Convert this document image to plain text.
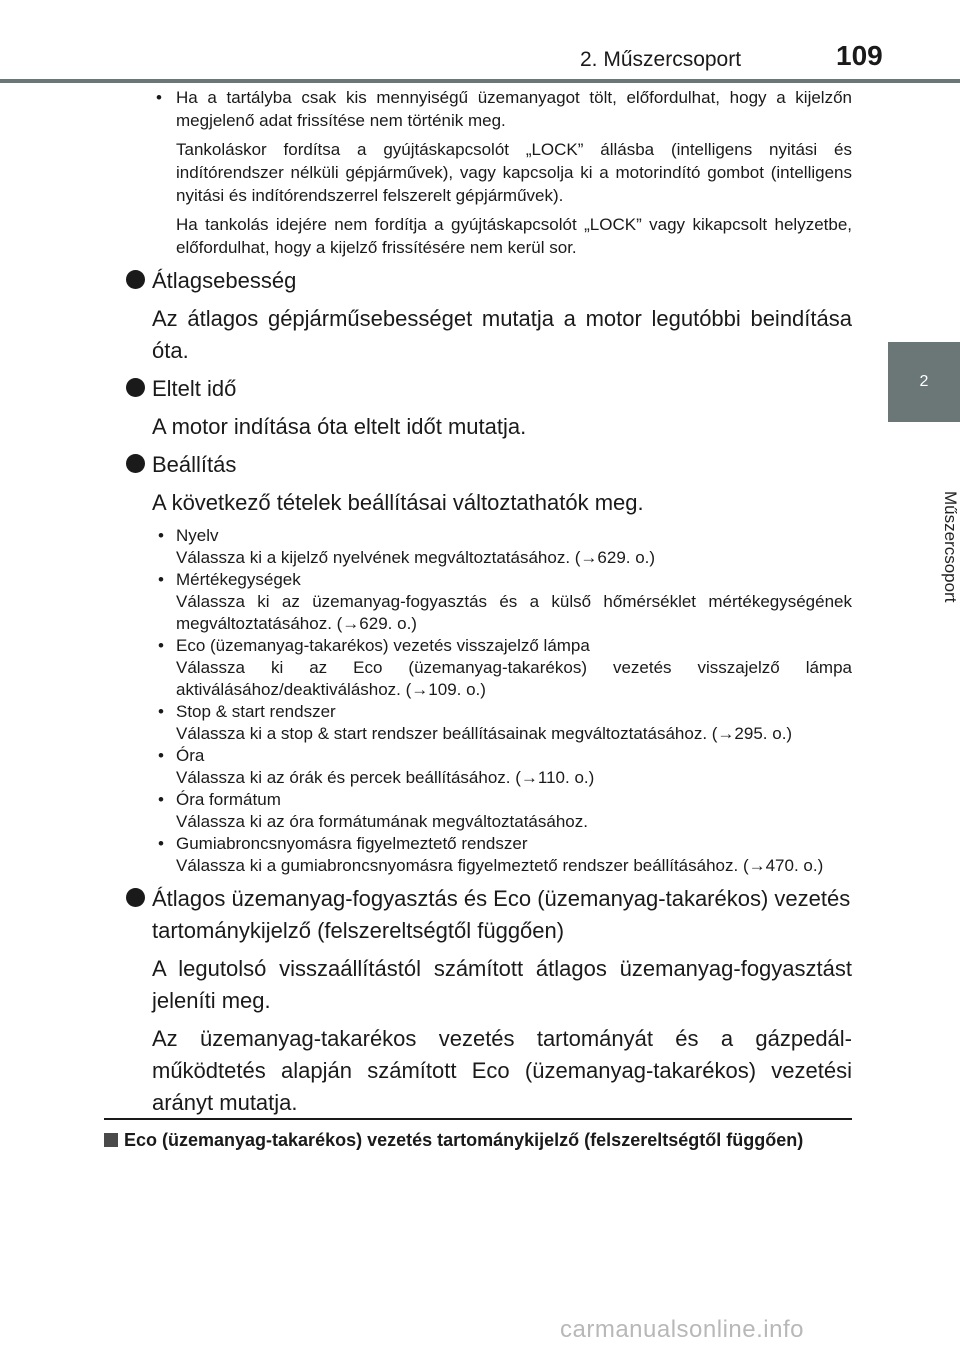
2. Műszercsoport	109
2
Műszercsoport
• Ha a tartályba csak kis mennyiségű üzemanyagot tölt, előfordulhat, hogy a kijelzőn megjelenő adat frissítése nem történik meg.

Tankoláskor fordítsa a gyújtáskapcsolót „LOCK” állásba (intelligens nyitási és indítórendszer nélküli gépjárművek), vagy kapcsolja ki a motorindító gombot (intelligens nyitási és indítórendszerrel felszerelt gépjárművek).

Ha tankolás idejére nem fordítja a gyújtáskapcsolót „LOCK” vagy kikapcsolt helyzetbe, előfordulhat, hogy a kijelző frissítésére nem kerül sor.

Átlagsebesség

Az átlagos gépjárműsebességet mutatja a motor legutóbbi beindítása óta.

Eltelt idő

A motor indítása óta eltelt időt mutatja.

Beállítás

A következő tételek beállításai változtathatók meg.

• Nyelv
Válassza ki a kijelző nyelvének megváltoztatásához. (→629. o.)
• Mértékegységek
Válassza ki az üzemanyag-fogyasztás és a külső hőmérséklet mértékegységének megváltoztatásához. (→629. o.)
• Eco (üzemanyag-takarékos) vezetés visszajelző lámpa
Válassza ki az Eco (üzemanyag-takarékos) vezetés visszajelző lámpa aktiválásához/deaktiváláshoz. (→109. o.)
• Stop & start rendszer
Válassza ki a stop & start rendszer beállításainak megváltoztatásához. (→295. o.)
• Óra
Válassza ki az órák és percek beállításához. (→110. o.)
• Óra formátum
Válassza ki az óra formátumának megváltoztatásához.
• Gumiabroncsnyomásra figyelmeztető rendszer
Válassza ki a gumiabroncsnyomásra figyelmeztető rendszer beállításához. (→470. o.)

Átlagos üzemanyag-fogyasztás és Eco (üzemanyag-takarékos) vezetés tartománykijelző (felszereltségtől függően)

A legutolsó visszaállítástól számított átlagos üzemanyag-fogyasztást jeleníti meg.

Az üzemanyag-takarékos vezetés tartományát és a gázpedál-működtetés alapján számított Eco (üzemanyag-takarékos) vezetési arányt mutatja.

Eco (üzemanyag-takarékos) vezetés tartománykijelző (felszereltségtől függően)
carmanualsonline.info
